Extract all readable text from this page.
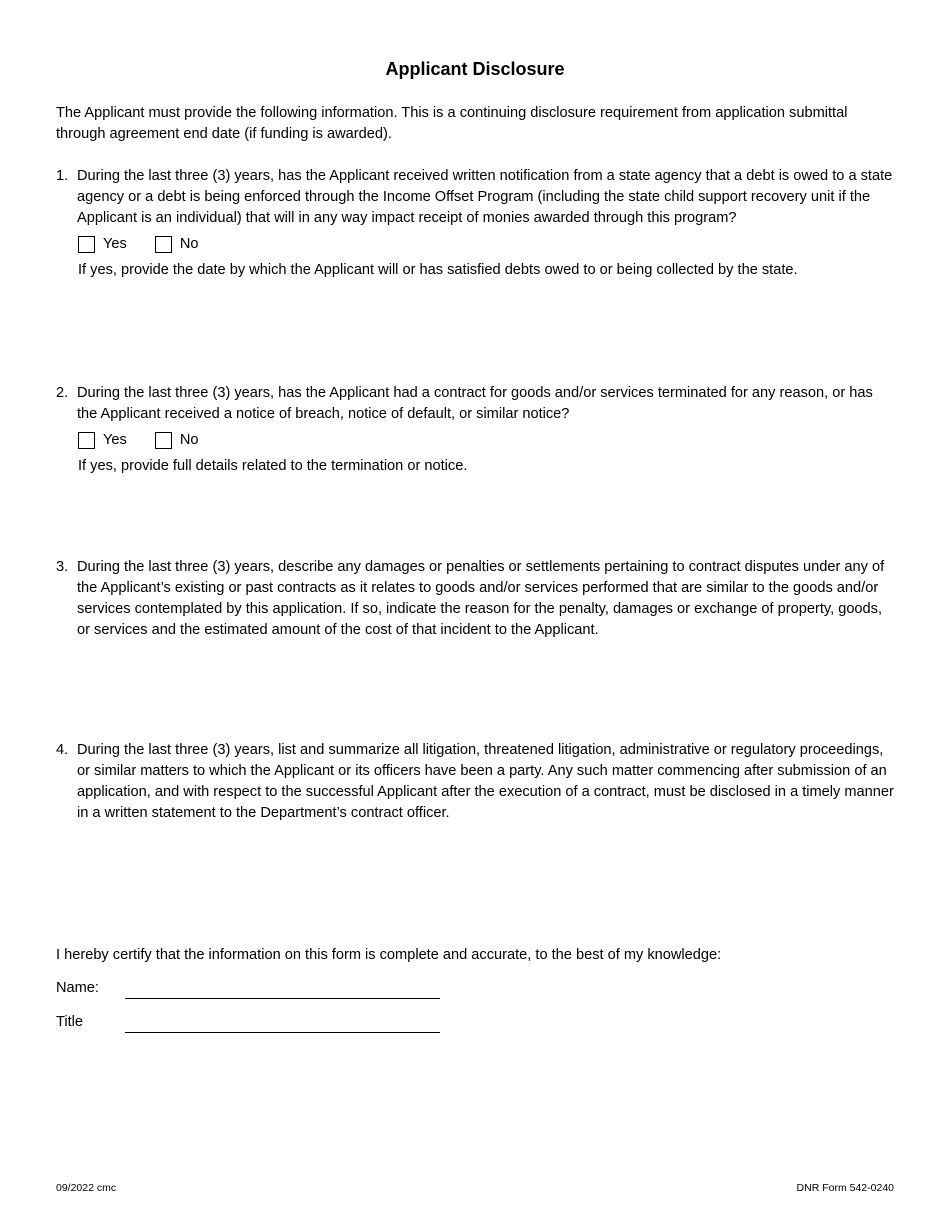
Applicant Disclosure
The Applicant must provide the following information. This is a continuing disclosure requirement from application submittal through agreement end date (if funding is awarded).
1. During the last three (3) years, has the Applicant received written notification from a state agency that a debt is owed to a state agency or a debt is being enforced through the Income Offset Program (including the state child support recovery unit if the Applicant is an individual) that will in any way impact receipt of monies awarded through this program?
Yes	No
If yes, provide the date by which the Applicant will or has satisfied debts owed to or being collected by the state.
2. During the last three (3) years, has the Applicant had a contract for goods and/or services terminated for any reason, or has the Applicant received a notice of breach, notice of default, or similar notice?
Yes	No
If yes, provide full details related to the termination or notice.
3. During the last three (3) years, describe any damages or penalties or settlements pertaining to contract disputes under any of the Applicant’s existing or past contracts as it relates to goods and/or services performed that are similar to the goods and/or services contemplated by this application. If so, indicate the reason for the penalty, damages or exchange of property, goods, or services and the estimated amount of the cost of that incident to the Applicant.
4. During the last three (3) years, list and summarize all litigation, threatened litigation, administrative or regulatory proceedings, or similar matters to which the Applicant or its officers have been a party. Any such matter commencing after submission of an application, and with respect to the successful Applicant after the execution of a contract, must be disclosed in a timely manner in a written statement to the Department’s contract officer.
I hereby certify that the information on this form is complete and accurate, to the best of my knowledge:
Name:
Title
09/2022 cmc	DNR Form 542-0240
